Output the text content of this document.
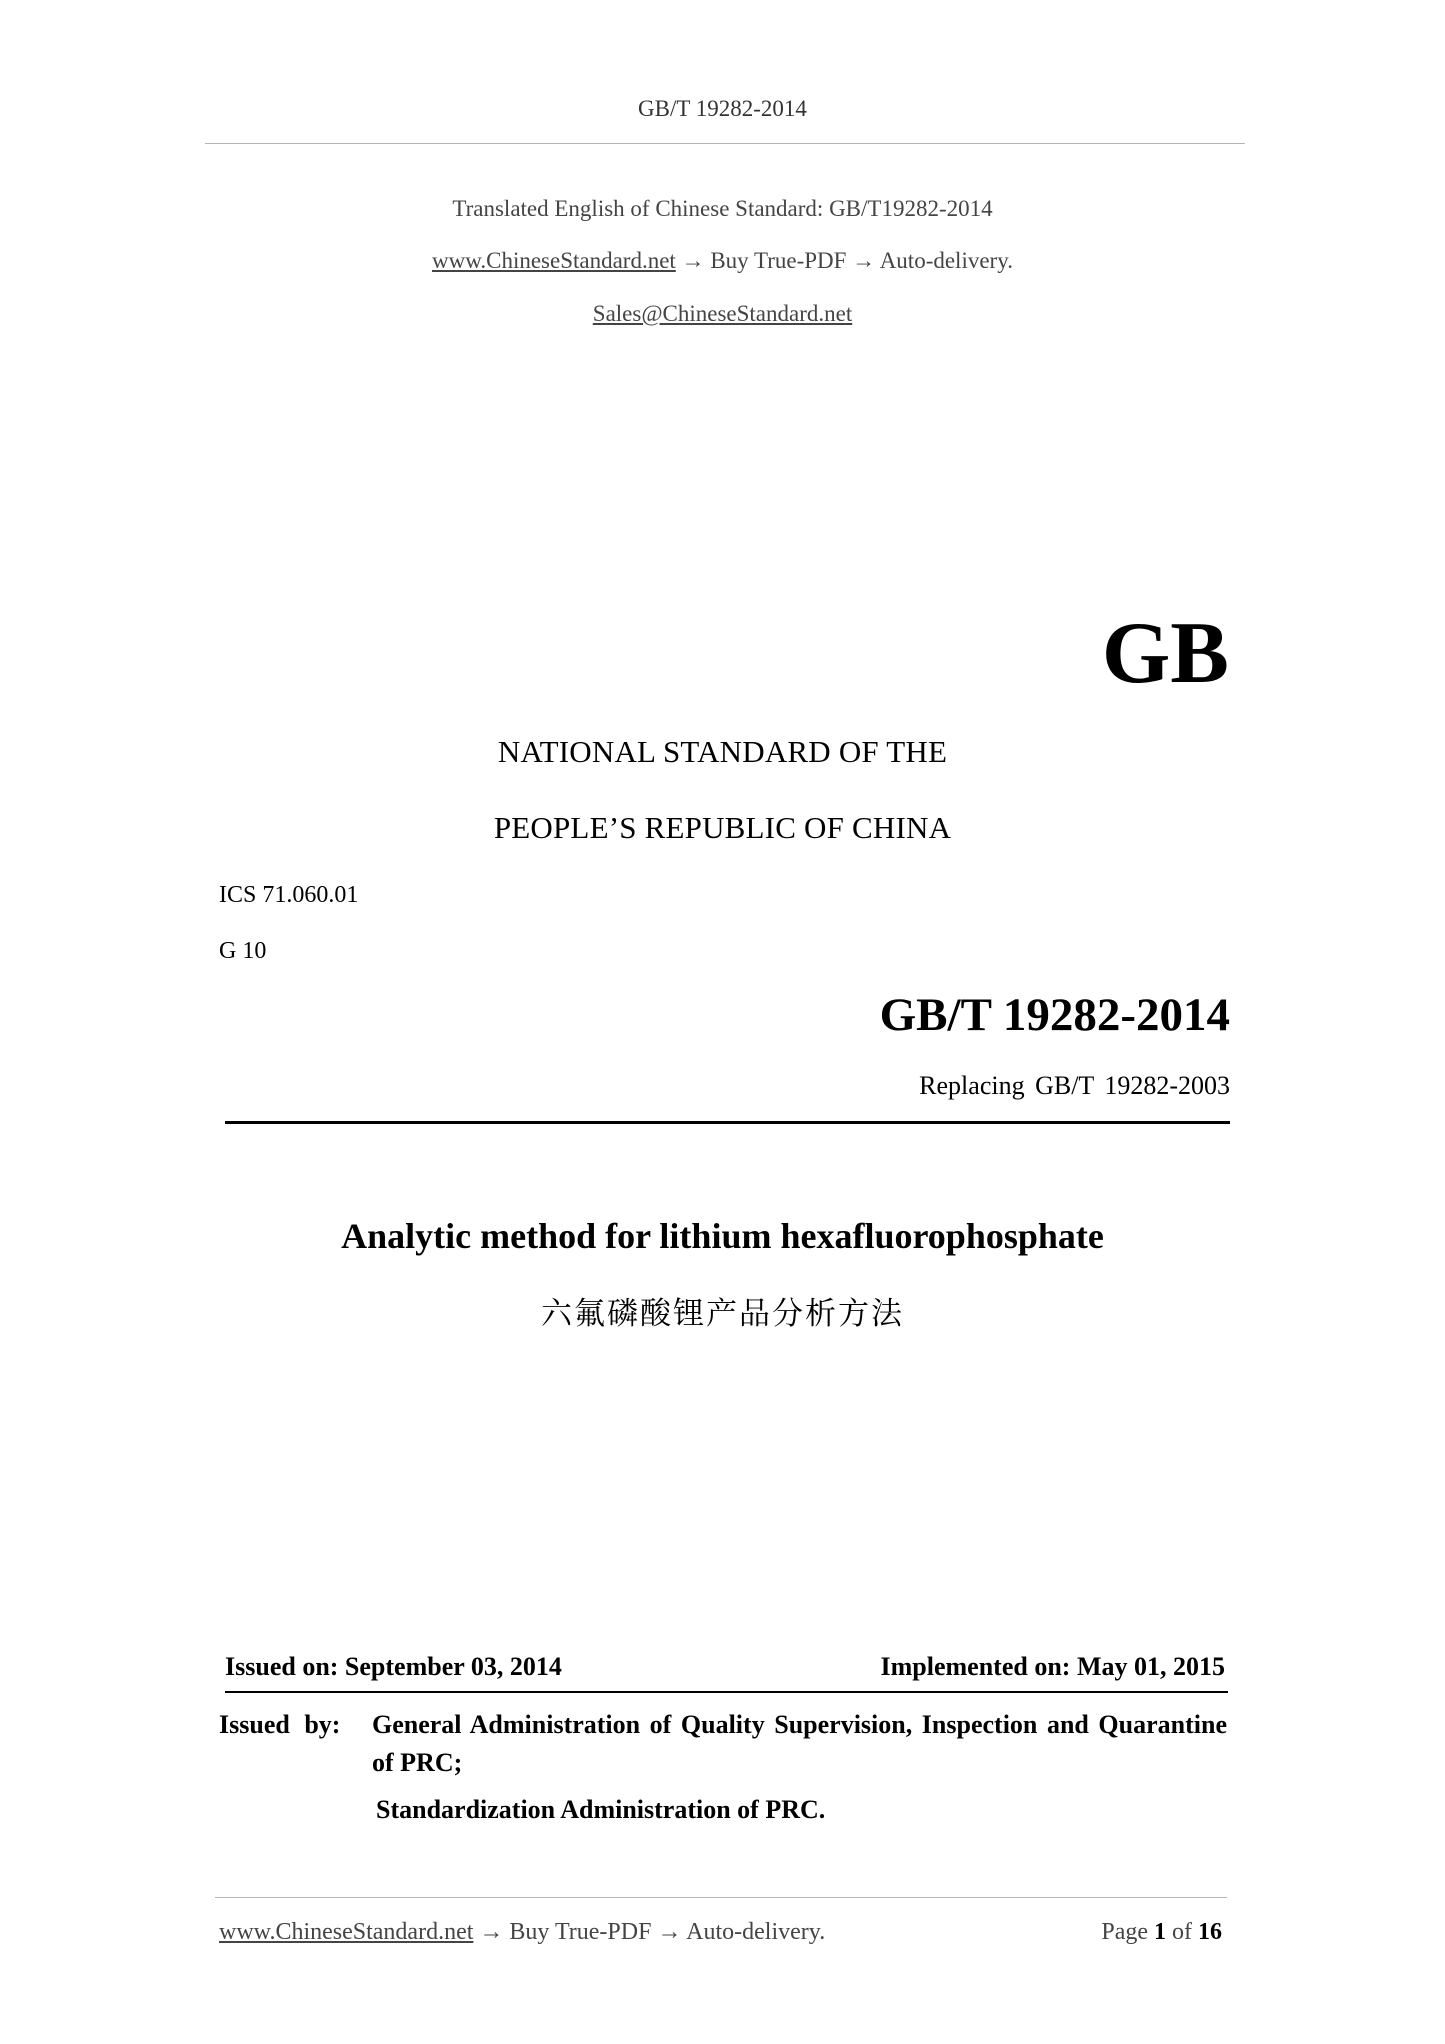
GB/T 19282-2014
Translated English of Chinese Standard: GB/T19282-2014
www.ChineseStandard.net → Buy True-PDF → Auto-delivery.
Sales@ChineseStandard.net
GB
NATIONAL STANDARD OF THE
PEOPLE’S REPUBLIC OF CHINA
ICS 71.060.01
G 10
GB/T 19282-2014
Replacing GB/T 19282-2003
Analytic method for lithium hexafluorophosphate
六氟磷酸锂产品分析方法
Issued on: September 03, 2014	Implemented on: May 01, 2015
Issued by: General Administration of Quality Supervision, Inspection and Quarantine of PRC;
Standardization Administration of PRC.
www.ChineseStandard.net → Buy True-PDF → Auto-delivery.	Page 1 of 16
